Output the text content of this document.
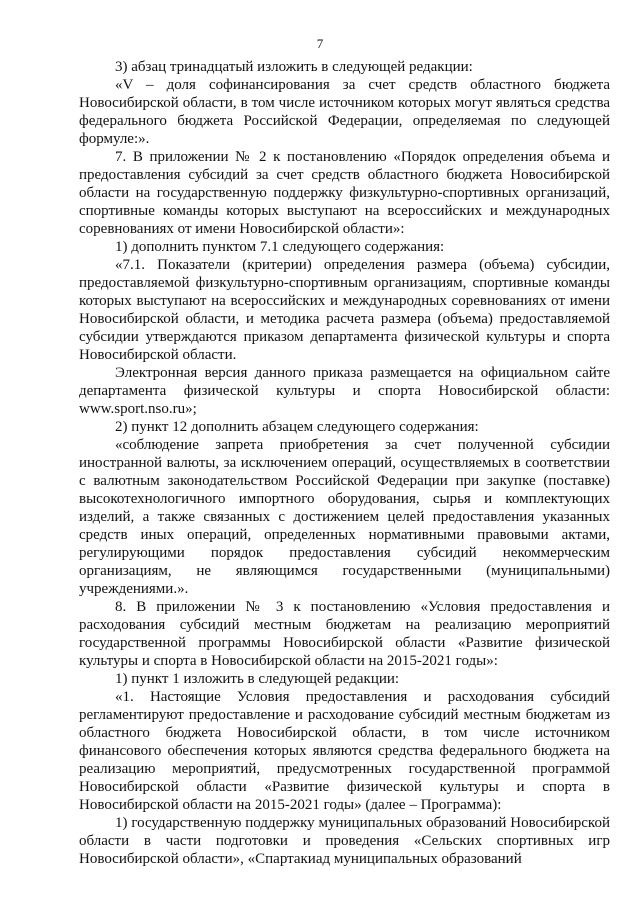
7

3) абзац тринадцатый изложить в следующей редакции:

«V – доля софинансирования за счет средств областного бюджета Новосибирской области, в том числе источником которых могут являться средства федерального бюджета Российской Федерации, определяемая по следующей формуле:».

7. В приложении № 2 к постановлению «Порядок определения объема и предоставления субсидий за счет средств областного бюджета Новосибирской области на государственную поддержку физкультурно-спортивных организаций, спортивные команды которых выступают на всероссийских и международных соревнованиях от имени Новосибирской области»:

1) дополнить пунктом 7.1 следующего содержания:

«7.1. Показатели (критерии) определения размера (объема) субсидии, предоставляемой физкультурно-спортивным организациям, спортивные команды которых выступают на всероссийских и международных соревнованиях от имени Новосибирской области, и методика расчета размера (объема) предоставляемой субсидии утверждаются приказом департамента физической культуры и спорта Новосибирской области.

Электронная версия данного приказа размещается на официальном сайте департамента физической культуры и спорта Новосибирской области: www.sport.nso.ru»;

2) пункт 12 дополнить абзацем следующего содержания:

«соблюдение запрета приобретения за счет полученной субсидии иностранной валюты, за исключением операций, осуществляемых в соответствии с валютным законодательством Российской Федерации при закупке (поставке) высокотехнологичного импортного оборудования, сырья и комплектующих изделий, а также связанных с достижением целей предоставления указанных средств иных операций, определенных нормативными правовыми актами, регулирующими порядок предоставления субсидий некоммерческим организациям, не являющимся государственными (муниципальными) учреждениями.».

8. В приложении № 3 к постановлению «Условия предоставления и расходования субсидий местным бюджетам на реализацию мероприятий государственной программы Новосибирской области «Развитие физической культуры и спорта в Новосибирской области на 2015-2021 годы»:

1) пункт 1 изложить в следующей редакции:

«1. Настоящие Условия предоставления и расходования субсидий регламентируют предоставление и расходование субсидий местным бюджетам из областного бюджета Новосибирской области, в том числе источником финансового обеспечения которых являются средства федерального бюджета на реализацию мероприятий, предусмотренных государственной программой Новосибирской области «Развитие физической культуры и спорта в Новосибирской области на 2015-2021 годы» (далее – Программа):

1) государственную поддержку муниципальных образований Новосибирской области в части подготовки и проведения «Сельских спортивных игр Новосибирской области», «Спартакиад муниципальных образований
